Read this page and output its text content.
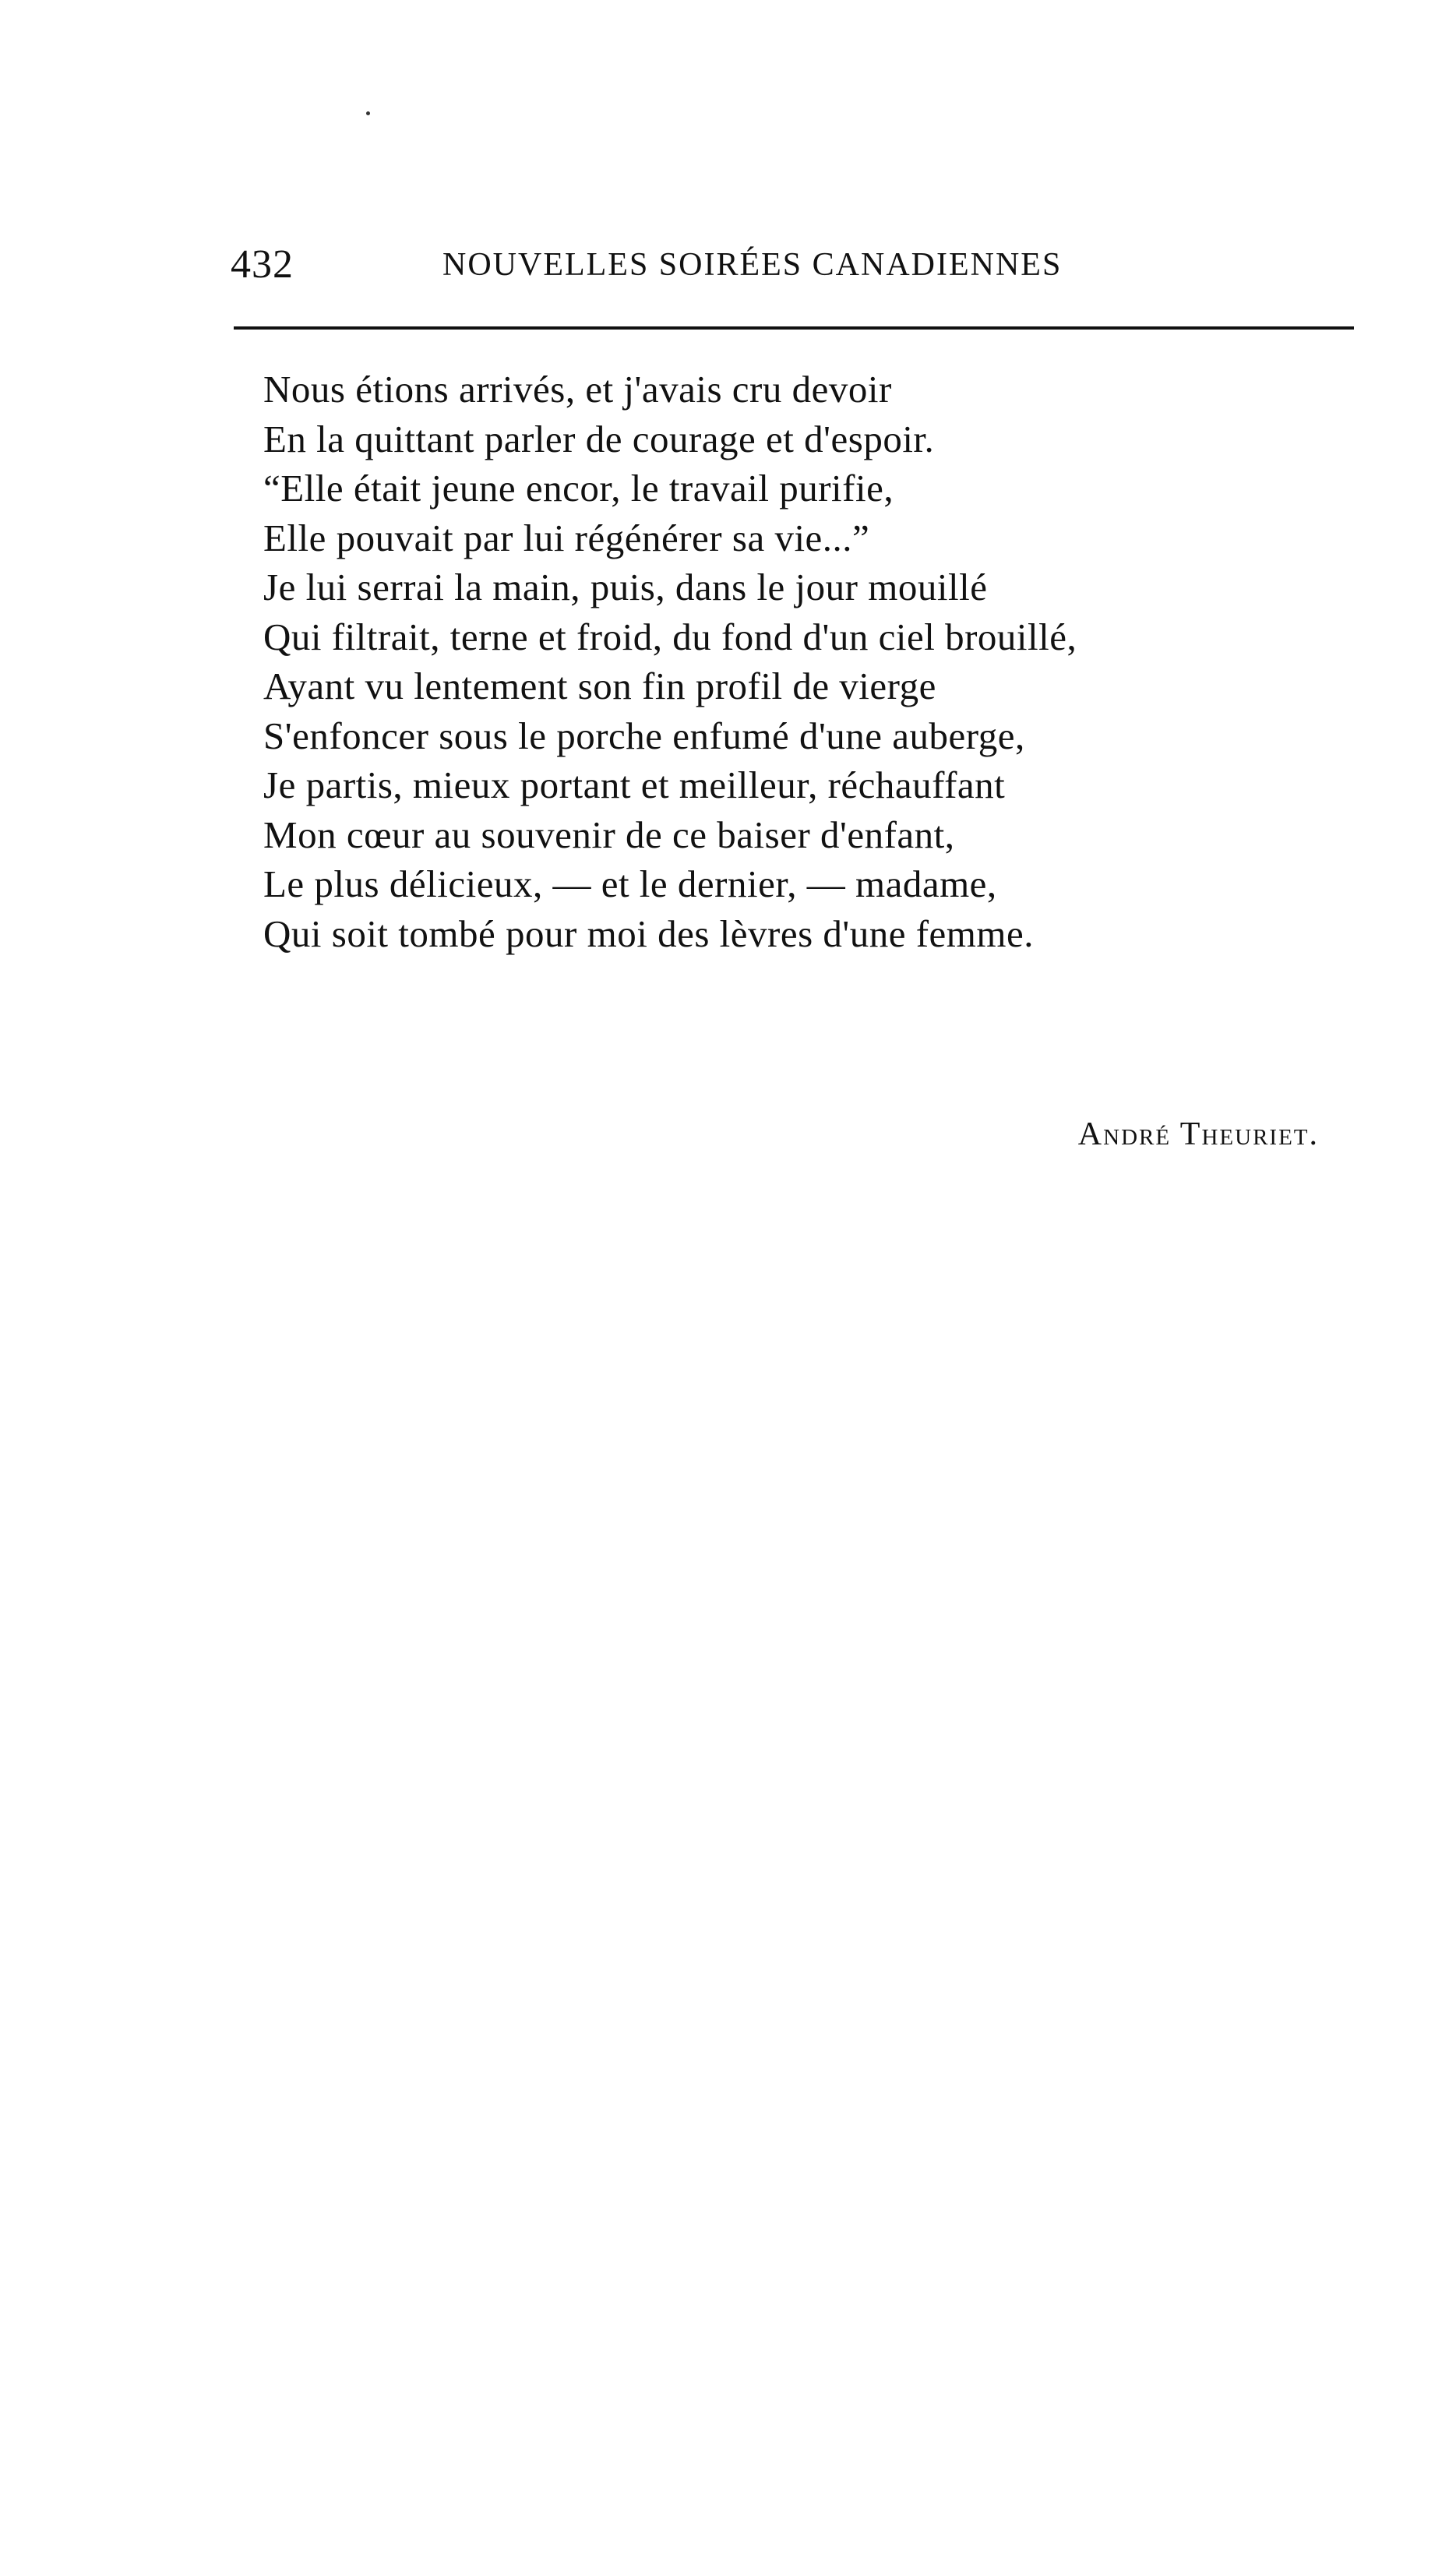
432	NOUVELLES SOIRÉES CANADIENNES
Nous étions arrivés, et j'avais cru devoir
En la quittant parler de courage et d'espoir.
“Elle était jeune encor, le travail purifie,
Elle pouvait par lui régénérer sa vie...”
Je lui serrai la main, puis, dans le jour mouillé
Qui filtrait, terne et froid, du fond d'un ciel brouillé,
Ayant vu lentement son fin profil de vierge
S'enfoncer sous le porche enfumé d'une auberge,
Je partis, mieux portant et meilleur, réchauffant
Mon cœur au souvenir de ce baiser d'enfant,
Le plus délicieux, — et le dernier, — madame,
Qui soit tombé pour moi des lèvres d'une femme.
André Theuriet.
